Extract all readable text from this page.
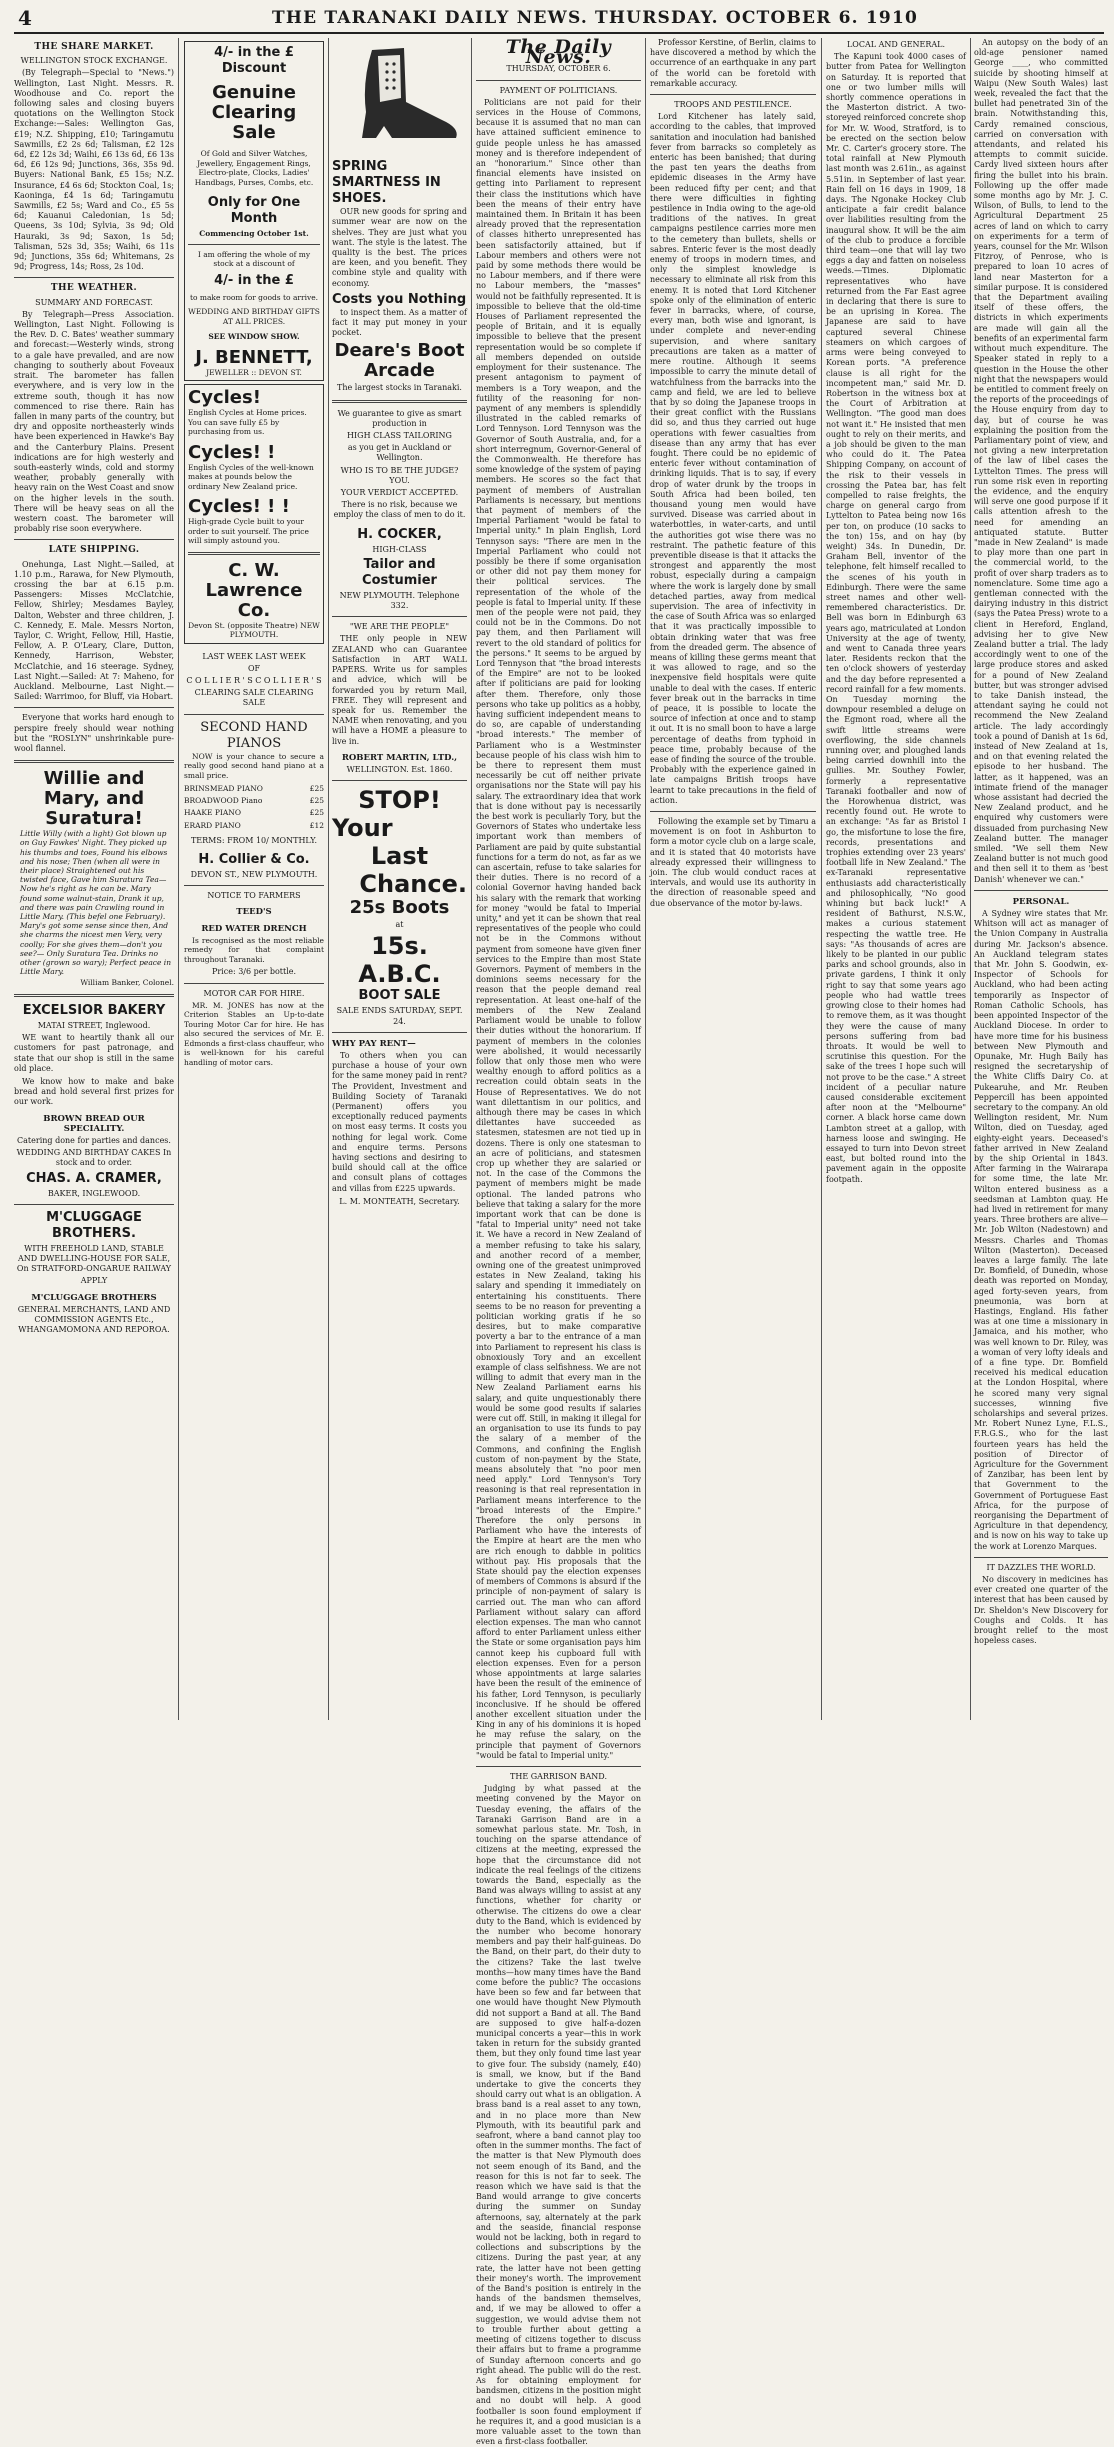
4	THE TARANAKI DAILY NEWS. THURSDAY. OCTOBER 6. 1910
THE SHARE MARKET.
WELLINGTON STOCK EXCHANGE.

(By Telegraph—Special to "News.") Wellington, Last Night. Messrs. R. Woodhouse and Co. report the following sales and closing buyers quotations on the Wellington Stock Exchange:—Sales: Wellington Gas, £19; N.Z. Shipping, £10; Taringamutu Sawmills, £2 2s 6d; Talisman, £2 12s 6d, £2 12s 3d; Waihi, £6 13s 6d, £6 13s 6d, £6 12s 9d; Junctions, 36s, 35s 9d. Buyers: National Bank, £5 15s; N.Z. Insurance, £4 6s 6d; Stockton Coal, 1s; Kaoninga, £4 1s 6d; Taringamutu Sawmills, £2 5s; Ward and Co., £5 5s 6d; Kauanui Caledonian, 1s 5d; Queens, 3s 10d; Sylvia, 3s 9d; Old Hauraki, 3s 9d; Saxon, 1s 5d; Talisman, 52s 3d, 35s; Waihi, 6s 11s 9d; Junctions, 35s 6d; Whitemans, 2s 9d; Progress, 14s; Ross, 2s 10d.

THE WEATHER.
SUMMARY AND FORECAST.

By Telegraph—Press Association. Wellington, Last Night. Following is the Rev. D. C. Bates' weather summary and forecast:—Westerly winds, strong to a gale have prevailed, and are now changing to southerly about Foveaux strait. The barometer has fallen everywhere, and is very low in the extreme south, though it has now commenced to rise there. Rain has fallen in many parts of the country, but dry and opposite northeasterly winds have been experienced in Hawke's Bay and the Canterbury Plains. Present indications are for high westerly and south-easterly winds, cold and stormy weather, probably generally with heavy rain on the West Coast and snow on the higher levels in the south. There will be heavy seas on all the western coast. The barometer will probably rise soon everywhere.

LATE SHIPPING.

Onehunga, Last Night.—Sailed, at 1.10 p.m., Rarawa, for New Plymouth, crossing the bar at 6.15 p.m. Passengers: Misses McClatchie, Fellow, Shirley; Mesdames Bayley, Dalton, Webster and three children, J. C. Kennedy, E. Male. Messrs Norton, Taylor, C. Wright, Fellow, Hill, Hastie, Fellow, A. P. O'Leary, Clare, Dutton, Kennedy, Harrison, Webster, McClatchie, and 16 steerage. Sydney, Last Night.—Sailed: At 7: Maheno, for Auckland. Melbourne, Last Night.—Sailed: Warrimoo, for Bluff, via Hobart.

Everyone that works hard enough to perspire freely should wear nothing but the "ROSLYN" unshrinkable pure-wool flannel.

Willie and Mary, and Suratura!
Little Willy (with a light) Got blown up on Guy Fawkes' Night. They picked up his thumbs and toes, Found his elbows and his nose; Then (when all were in their place) Straightened out his twisted face, Gave him Suratura Tea— Now he's right as he can be. Mary found some walnut-stain, Drank it up, and there was pain Crawling round in Little Mary. (This befel one February). Mary's got some sense since then, And she charms the nicest men Very, very coolly; For she gives them—don't you see?— Only Suratura Tea. Drinks no other (grown so wary); Perfect peace in Little Mary.
William Banker, Colonel.
EXCELSIOR BAKERY
MATAI STREET, Inglewood.

WE want to heartily thank all our customers for past patronage, and state that our shop is still in the same old place.

We know how to make and bake bread and hold several first prizes for our work.

BROWN BREAD OUR SPECIALITY.
Catering done for parties and dances.
WEDDING AND BIRTHDAY CAKES In stock and to order.
CHAS. A. CRAMER,
BAKER, INGLEWOOD.
M'CLUGGAGE BROTHERS.
WITH FREEHOLD LAND, STABLE AND DWELLING-HOUSE FOR SALE, On STRATFORD-ONGARUE RAILWAY
APPLY
M'CLUGGAGE BROTHERS
GENERAL MERCHANTS, LAND AND COMMISSION AGENTS Etc., WHANGAMOMONA AND REPOROA.
4/- in the £ Discount
Genuine Clearing Sale
Of Gold and Silver Watches, Jewellery, Engagement Rings, Electro-plate, Clocks, Ladies' Handbags, Purses, Combs, etc.
Only for One Month
Commencing October 1st.
I am offering the whole of my stock at a discount of
4/- in the £
to make room for goods to arrive.
WEDDING AND BIRTHDAY GIFTS AT ALL PRICES.
SEE WINDOW SHOW.
J. BENNETT,
JEWELLER :: DEVON ST.
Cycles!
English Cycles at Home prices. You can save fully £5 by purchasing from us.
Cycles! !
English Cycles of the well-known makes at pounds below the ordinary New Zealand price.
Cycles! ! !
High-grade Cycle built to your order to suit yourself. The price will simply astound you.
C. W. Lawrence Co.
Devon St. (opposite Theatre) NEW PLYMOUTH.
LAST WEEK LAST WEEK
OF
C O L L I E R ' S C O L L I E R ' S
CLEARING SALE CLEARING SALE
SECOND HAND PIANOS

NOW is your chance to secure a really good second hand piano at a small price.

BRINSMEAD PIANO	£25
BROADWOOD Piano	£25
HAAKE PIANO	£25
ERARD PIANO	£12
TERMS: FROM 10/ MONTHLY.
H. Collier & Co.
DEVON ST., NEW PLYMOUTH.
NOTICE TO FARMERS
TEED'S
RED WATER DRENCH

Is recognised as the most reliable remedy for that complaint throughout Taranaki.

Price: 3/6 per bottle.
MOTOR CAR FOR HIRE.

MR. M. JONES has now at the Criterion Stables an Up-to-date Touring Motor Car for hire. He has also secured the services of Mr. E. Edmonds a first-class chauffeur, who is well-known for his careful handling of motor cars.

SPRING SMARTNESS IN SHOES.

OUR new goods for spring and summer wear are now on the shelves. They are just what you want. The style is the latest. The quality is the best. The prices are keen, and you benefit. They combine style and quality with economy.

Costs you Nothing

to inspect them. As a matter of fact it may put money in your pocket.

Deare's Boot Arcade
The largest stocks in Taranaki.
We guarantee to give as smart production in
HIGH CLASS TAILORING
as you get in Auckland or Wellington.
WHO IS TO BE THE JUDGE? YOU.
YOUR VERDICT ACCEPTED.
There is no risk, because we employ the class of men to do it.
H. COCKER,
HIGH-CLASS
Tailor and Costumier
NEW PLYMOUTH. Telephone 332.
"WE ARE THE PEOPLE"

THE only people in NEW ZEALAND who can Guarantee Satisfaction in ART WALL PAPERS. Write us for samples and advice, which will be forwarded you by return Mail, FREE. They will represent and speak for us. Remember the NAME when renovating, and you will have a HOME a pleasure to live in.

ROBERT MARTIN, LTD.,
WELLINGTON. Est. 1860.
STOP!
Your
Last
Chance.
25s Boots
at
15s.
A.B.C.
BOOT SALE
SALE ENDS SATURDAY, SEPT. 24.
WHY PAY RENT—

To others when you can purchase a house of your own for the same money paid in rent? The Provident, Investment and Building Society of Taranaki (Permanent) offers you exceptionally reduced payments on most easy terms. It costs you nothing for legal work. Come and enquire terms. Persons having sections and desiring to build should call at the office and consult plans of cottages and villas from £225 upwards.

L. M. MONTEATH, Secretary.
The Daily News.
THURSDAY, OCTOBER 6.
PAYMENT OF POLITICIANS.

Politicians are not paid for their services in the House of Commons, because it is assumed that no man can have attained sufficient eminence to guide people unless he has amassed money and is therefore independent of an "honorarium." Since other than financial elements have insisted on getting into Parliament to represent their class the institutions which have been the means of their entry have maintained them. In Britain it has been already proved that the representation of classes hitherto unrepresented has been satisfactorily attained, but if Labour members and others were not paid by some methods there would be no Labour members, and if there were no Labour members, the "masses" would not be faithfully represented. It is impossible to believe that the old-time Houses of Parliament represented the people of Britain, and it is equally impossible to believe that the present representation would be so complete if all members depended on outside employment for their sustenance. The present antagonism to payment of members is a Tory weapon, and the futility of the reasoning for non-payment of any members is splendidly illustrated in the cabled remarks of Lord Tennyson. Lord Tennyson was the Governor of South Australia, and, for a short interregnum, Governor-General of the Commonwealth. He therefore has some knowledge of the system of paying members. He scores so the fact that payment of members of Australian Parliaments is necessary, but mentions that payment of members of the Imperial Parliament "would be fatal to Imperial unity." In plain English, Lord Tennyson says: "There are men in the Imperial Parliament who could not possibly be there if some organisation or other did not pay them money for their political services. The representation of the whole of the people is fatal to Imperial unity. If these men of the people were not paid, they could not be in the Commons. Do not pay them, and then Parliament will revert to the old standard of politics for the persons." It seems to be argued by Lord Tennyson that "the broad interests of the Empire" are not to be looked after if politicians are paid for looking after them. Therefore, only those persons who take up politics as a hobby, having sufficient independent means to do so, are capable of understanding "broad interests." The member of Parliament who is a Westminster because people of his class wish him to be there to represent them must necessarily be cut off neither private organisations nor the State will pay his salary. The extraordinary idea that work that is done without pay is necessarily the best work is peculiarly Tory, but the Governors of States who undertake less important work than members of Parliament are paid by quite substantial functions for a term do not, as far as we can ascertain, refuse to take salaries for their duties. There is no record of a colonial Governor having handed back his salary with the remark that working for money "would be fatal to Imperial unity," and yet it can be shown that real representatives of the people who could not be in the Commons without payment from someone have given finer services to the Empire than most State Governors. Payment of members in the dominions seems necessary for the reason that the people demand real representation. At least one-half of the members of the New Zealand Parliament would be unable to follow their duties without the honorarium. If payment of members in the colonies were abolished, it would necessarily follow that only those men who were wealthy enough to afford politics as a recreation could obtain seats in the House of Representatives. We do not want dilettantism in our politics, and although there may be cases in which dilettantes have succeeded as statesmen, statesmen are not tied up in dozens. There is only one statesman to an acre of politicians, and statesmen crop up whether they are salaried or not. In the case of the Commons the payment of members might be made optional. The landed patrons who believe that taking a salary for the more important work that can be done is "fatal to Imperial unity" need not take it. We have a record in New Zealand of a member refusing to take his salary, and another record of a member, owning one of the greatest unimproved estates in New Zealand, taking his salary and spending it immediately on entertaining his constituents. There seems to be no reason for preventing a politician working gratis if he so desires, but to make comparative poverty a bar to the entrance of a man into Parliament to represent his class is obnoxiously Tory and an excellent example of class selfishness. We are not willing to admit that every man in the New Zealand Parliament earns his salary, and quite unquestionably there would be some good results if salaries were cut off. Still, in making it illegal for an organisation to use its funds to pay the salary of a member of the Commons, and confining the English custom of non-payment by the State, means absolutely that "no poor men need apply." Lord Tennyson's Tory reasoning is that real representation in Parliament means interference to the "broad interests of the Empire." Therefore the only persons in Parliament who have the interests of the Empire at heart are the men who are rich enough to dabble in politics without pay. His proposals that the State should pay the election expenses of members of Commons is absurd if the principle of non-payment of salary is carried out. The man who can afford Parliament without salary can afford election expenses. The man who cannot afford to enter Parliament unless either the State or some organisation pays him cannot keep his cupboard full with election expenses. Even for a person whose appointments at large salaries have been the result of the eminence of his father, Lord Tennyson, is peculiarly inconclusive. If he should be offered another excellent situation under the King in any of his dominions it is hoped he may refuse the salary, on the principle that payment of Governors "would be fatal to Imperial unity."

THE GARRISON BAND.

Judging by what passed at the meeting convened by the Mayor on Tuesday evening, the affairs of the Taranaki Garrison Band are in a somewhat parlous state. Mr. Tosh, in touching on the sparse attendance of citizens at the meeting, expressed the hope that the circumstance did not indicate the real feelings of the citizens towards the Band, especially as the Band was always willing to assist at any functions, whether for charity or otherwise. The citizens do owe a clear duty to the Band, which is evidenced by the number who become honorary members and pay their half-guineas. Do the Band, on their part, do their duty to the citizens? Take the last twelve months—how many times have the Band come before the public? The occasions have been so few and far between that one would have thought New Plymouth did not support a Band at all. The Band are supposed to give half-a-dozen municipal concerts a year—this in work taken in return for the subsidy granted them, but they only found time last year to give four. The subsidy (namely, £40) is small, we know, but if the Band undertake to give the concerts they should carry out what is an obligation. A brass band is a real asset to any town, and in no place more than New Plymouth, with its beautiful park and seafront, where a band cannot play too often in the summer months. The fact of the matter is that New Plymouth does not seem enough of its Band, and the reason for this is not far to seek. The reason which we have said is that the Band would arrange to give concerts during the summer on Sunday afternoons, say, alternately at the park and the seaside, financial response would not be lacking, both in regard to collections and subscriptions by the citizens. During the past year, at any rate, the latter have not been getting their money's worth. The improvement of the Band's position is entirely in the hands of the bandsmen themselves, and, if we may be allowed to offer a suggestion, we would advise them not to trouble further about getting a meeting of citizens together to discuss their affairs but to frame a programme of Sunday afternoon concerts and go right ahead. The public will do the rest. As for obtaining employment for bandsmen, citizens in the position might and no doubt will help. A good footballer is soon found employment if he requires it, and a good musician is a more valuable asset to the town than even a first-class footballer.

Professor Kerstine, of Berlin, claims to have discovered a method by which the occurrence of an earthquake in any part of the world can be foretold with remarkable accuracy.

TROOPS AND PESTILENCE.

Lord Kitchener has lately said, according to the cables, that improved sanitation and inoculation had banished fever from barracks so completely as enteric has been banished; that during the past ten years the deaths from epidemic diseases in the Army have been reduced fifty per cent; and that there were difficulties in fighting pestilence in India owing to the age-old traditions of the natives. In great campaigns pestilence carries more men to the cemetery than bullets, shells or sabres. Enteric fever is the most deadly enemy of troops in modern times, and only the simplest knowledge is necessary to eliminate all risk from this enemy. It is noted that Lord Kitchener spoke only of the elimination of enteric fever in barracks, where, of course, every man, both wise and ignorant, is under complete and never-ending supervision, and where sanitary precautions are taken as a matter of mere routine. Although it seems impossible to carry the minute detail of watchfulness from the barracks into the camp and field, we are led to believe that by so doing the Japanese troops in their great conflict with the Russians did so, and thus they carried out huge operations with fewer casualties from disease than any army that has ever fought. There could be no epidemic of enteric fever without contamination of drinking liquids. That is to say, if every drop of water drunk by the troops in South Africa had been boiled, ten thousand young men would have survived. Disease was carried about in waterbottles, in water-carts, and until the authorities got wise there was no restraint. The pathetic feature of this preventible disease is that it attacks the strongest and apparently the most robust, especially during a campaign where the work is largely done by small detached parties, away from medical supervision. The area of infectivity in the case of South Africa was so enlarged that it was practically impossible to obtain drinking water that was free from the dreaded germ. The absence of means of killing these germs meant that it was allowed to rage, and so the inexpensive field hospitals were quite unable to deal with the cases. If enteric fever break out in the barracks in time of peace, it is possible to locate the source of infection at once and to stamp it out. It is no small boon to have a large percentage of deaths from typhoid in peace time, probably because of the ease of finding the source of the trouble. Probably with the experience gained in late campaigns British troops have learnt to take precautions in the field of action.

Following the example set by Timaru a movement is on foot in Ashburton to form a motor cycle club on a large scale, and it is stated that 40 motorists have already expressed their willingness to join. The club would conduct races at intervals, and would use its authority in the direction of reasonable speed and due observance of the motor by-laws.

LOCAL AND GENERAL.

The Kapuni took 4000 cases of butter from Patea for Wellington on Saturday. It is reported that one or two lumber mills will shortly commence operations in the Masterton district. A two-storeyed reinforced concrete shop for Mr. W. Wood, Stratford, is to be erected on the section below Mr. C. Carter's grocery store. The total rainfall at New Plymouth last month was 2.61in., as against 5.51in. in September of last year. Rain fell on 16 days in 1909, 18 days. The Ngonake Hockey Club anticipate a fair credit balance over liabilities resulting from the inaugural show. It will be the aim of the club to produce a forcible third team—one that will lay two eggs a day and fatten on noiseless weeds.—Times. Diplomatic representatives who have returned from the Far East agree in declaring that there is sure to be an uprising in Korea. The Japanese are said to have captured several Chinese steamers on which cargoes of arms were being conveyed to Korean ports. "A preference clause is all right for the incompetent man," said Mr. D. Robertson in the witness box at the Court of Arbitration at Wellington. "The good man does not want it." He insisted that men ought to rely on their merits, and a job should be given to the man who could do it. The Patea Shipping Company, on account of the risk to their vessels in crossing the Patea bar, has felt compelled to raise freights, the charge on general cargo from Lyttelton to Patea being now 16s per ton, on produce (10 sacks to the ton) 15s, and on hay (by weight) 34s. In Dunedin, Dr. Graham Bell, inventor of the telephone, felt himself recalled to the scenes of his youth in Edinburgh. There were the same street names and other well-remembered characteristics. Dr. Bell was born in Edinburgh 63 years ago, matriculated at London University at the age of twenty, and went to Canada three years later. Residents reckon that the ten o'clock showers of yesterday and the day before represented a record rainfall for a few moments. On Tuesday morning the downpour resembled a deluge on the Egmont road, where all the swift little streams were overflowing, the side channels running over, and ploughed lands being carried downhill into the gullies. Mr. Southey Fowler, formerly a representative Taranaki footballer and now of the Horowhenua district, was recently found out. He wrote to an exchange: "As far as Bristol I go, the misfortune to lose the fire, records, presentations and trophies extending over 23 years' football life in New Zealand." The ex-Taranaki representative enthusiasts add characteristically and philosophically, "No good whining but back luck!" A resident of Bathurst, N.S.W., makes a curious statement respecting the wattle tree. He says: "As thousands of acres are likely to be planted in our public parks and school grounds, also in private gardens, I think it only right to say that some years ago people who had wattle trees growing close to their homes had to remove them, as it was thought they were the cause of many persons suffering from bad throats. It would be well to scrutinise this question. For the sake of the trees I hope such will not prove to be the case." A street incident of a peculiar nature caused considerable excitement after noon at the "Melbourne" corner. A black horse came down Lambton street at a gallop, with harness loose and swinging. He essayed to turn into Devon street east, but bolted round into the pavement again in the opposite footpath.

An autopsy on the body of an old-age pensioner named George ____, who committed suicide by shooting himself at Waipu (New South Wales) last week, revealed the fact that the bullet had penetrated 3in of the brain. Notwithstanding this, Cardy remained conscious, carried on conversation with attendants, and related his attempts to commit suicide. Cardy lived sixteen hours after firing the bullet into his brain. Following up the offer made some months ago by Mr. J. C. Wilson, of Bulls, to lend to the Agricultural Department 25 acres of land on which to carry on experiments for a term of years, counsel for the Mr. Wilson Fitzroy, of Penrose, who is prepared to loan 10 acres of land near Masterton for a similar purpose. It is considered that the Department availing itself of these offers, the districts in which experiments are made will gain all the benefits of an experimental farm without much expenditure. The Speaker stated in reply to a question in the House the other night that the newspapers would be entitled to comment freely on the reports of the proceedings of the House enquiry from day to day, but of course he was explaining the position from the Parliamentary point of view, and not giving a new interpretation of the law of libel cases the Lyttelton Times. The press will run some risk even in reporting the evidence, and the enquiry will serve one good purpose if it calls attention afresh to the need for amending an antiquated statute. Butter "made in New Zealand" is made to play more than one part in the commercial world, to the profit of over sharp traders as to nomenclature. Some time ago a gentleman connected with the dairying industry in this district (says the Patea Press) wrote to a client in Hereford, England, advising her to give New Zealand butter a trial. The lady accordingly went to one of the large produce stores and asked for a pound of New Zealand butter, but was stronger advised to take Danish instead, the attendant saying he could not recommend the New Zealand article. The lady accordingly took a pound of Danish at 1s 6d, instead of New Zealand at 1s, and on that evening related the episode to her husband. The latter, as it happened, was an intimate friend of the manager whose assistant had decried the New Zealand product, and he enquired why customers were dissuaded from purchasing New Zealand butter. The manager smiled. "We sell them New Zealand butter is not much good and then sell it to them as 'best Danish' whenever we can."

PERSONAL.

A Sydney wire states that Mr. Whitson will act as manager of the Union Company in Australia during Mr. Jackson's absence. An Auckland telegram states that Mr. John S. Goodwin, ex-Inspector of Schools for Auckland, who had been acting temporarily as Inspector of Roman Catholic Schools, has been appointed Inspector of the Auckland Diocese. In order to have more time for his business between New Plymouth and Opunake, Mr. Hugh Baily has resigned the secretaryship of the White Cliffs Dairy Co. at Pukearuhe, and Mr. Reuben Peppercill has been appointed secretary to the company. An old Wellington resident, Mr. Num Wilton, died on Tuesday, aged eighty-eight years. Deceased's father arrived in New Zealand by the ship Oriental in 1843. After farming in the Wairarapa for some time, the late Mr. Wilton entered business as a seedsman at Lambton quay. He had lived in retirement for many years. Three brothers are alive—Mr. Job Wilton (Nadestown) and Messrs. Charles and Thomas Wilton (Masterton). Deceased leaves a large family. The late Dr. Bomfield, of Dunedin, whose death was reported on Monday, aged forty-seven years, from pneumonia, was born at Hastings, England. His father was at one time a missionary in Jamaica, and his mother, who was well known to Dr. Riley, was a woman of very lofty ideals and of a fine type. Dr. Bomfield received his medical education at the London Hospital, where he scored many very signal successes, winning five scholarships and several prizes. Mr. Robert Nunez Lyne, F.L.S., F.R.G.S., who for the last fourteen years has held the position of Director of Agriculture for the Government of Zanzibar, has been lent by that Government to the Government of Portuguese East Africa, for the purpose of reorganising the Department of Agriculture in that dependency, and is now on his way to take up the work at Lorenzo Marques.

IT DAZZLES THE WORLD.

No discovery in medicines has ever created one quarter of the interest that has been caused by Dr. Sheldon's New Discovery for Coughs and Colds. It has brought relief to the most hopeless cases.
